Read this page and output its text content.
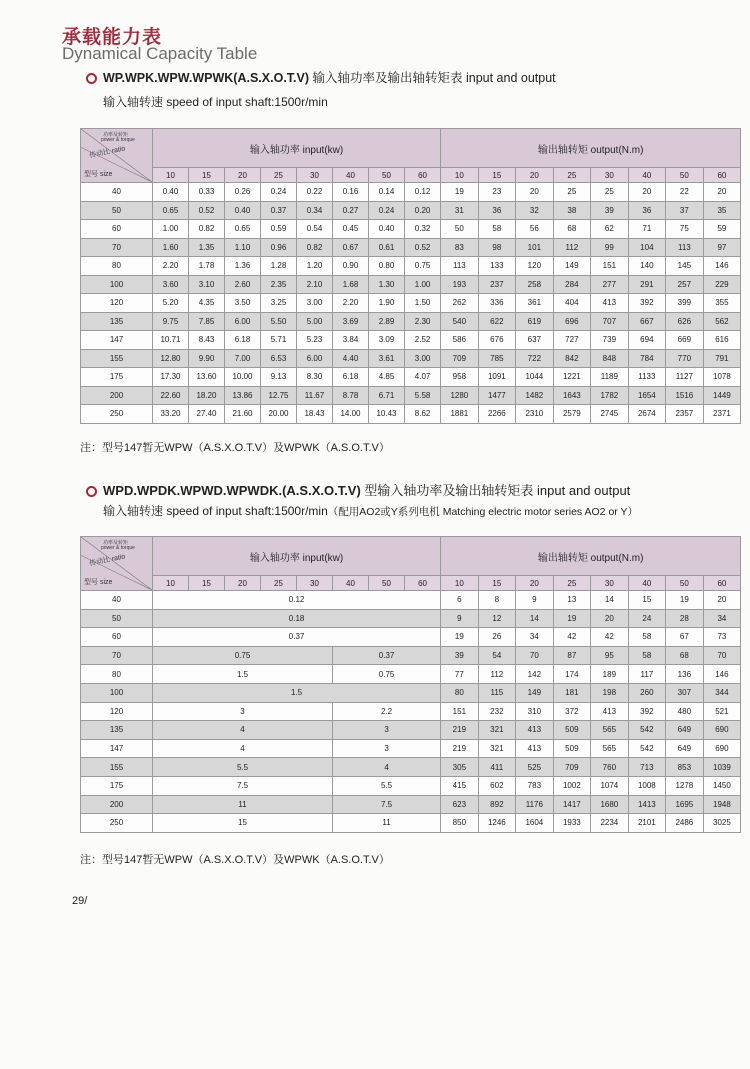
承载能力表
Dynamical Capacity Table
WP.WPK.WPW.WPWK(A.S.X.O.T.V) 输入轴功率及输出轴转矩表 input and output
输入轴转速 speed of input shaft:1500r/min
功率及转矩
power & torque
传动比 ratio
型号 size	输入轴功率 input(kw)								输出轴转矩 output(N.m)							
	10	15	20	25	30	40	50	60	10	15	20	25	30	40	50	60
40	0.40	0.33	0.26	0.24	0.22	0.16	0.14	0.12	19	23	20	25	25	20	22	20
50	0.65	0.52	0.40	0.37	0.34	0.27	0.24	0.20	31	36	32	38	39	36	37	35
60	1.00	0.82	0.65	0.59	0.54	0.45	0.40	0.32	50	58	56	68	62	71	75	59
70	1.60	1.35	1.10	0.96	0.82	0.67	0.61	0.52	83	98	101	112	99	104	113	97
80	2.20	1.78	1.36	1.28	1.20	0.90	0.80	0.75	113	133	120	149	151	140	145	146
100	3.60	3.10	2.60	2.35	2.10	1.68	1.30	1.00	193	237	258	284	277	291	257	229
120	5.20	4.35	3.50	3.25	3.00	2.20	1.90	1.50	262	336	361	404	413	392	399	355
135	9.75	7.85	6.00	5.50	5.00	3.69	2.89	2.30	540	622	619	696	707	667	626	562
147	10.71	8.43	6.18	5.71	5.23	3.84	3.09	2.52	586	676	637	727	739	694	669	616
155	12.80	9.90	7.00	6.53	6.00	4.40	3.61	3.00	709	785	722	842	848	784	770	791
175	17.30	13.60	10.00	9.13	8.30	6.18	4.85	4.07	958	1091	1044	1221	1189	1133	1127	1078
200	22.60	18.20	13.86	12.75	11.67	8.78	6.71	5.58	1280	1477	1482	1643	1782	1654	1516	1449
250	33.20	27.40	21.60	20.00	18.43	14.00	10.43	8.62	1881	2266	2310	2579	2745	2674	2357	2371
注：型号147暂无WPW（A.S.X.O.T.V）及WPWK（A.S.O.T.V）
WPD.WPDK.WPWD.WPWDK.(A.S.X.O.T.V) 型输入轴功率及输出轴转矩表 input and output
输入轴转速 speed of input shaft:1500r/min（配用AO2或Y系列电机 Matching electric motor series AO2 or Y）
功率及转矩
power & torque
传动比 ratio
型号 size	输入轴功率 input(kw)								输出轴转矩 output(N.m)							
	10	15	20	25	30	40	50	60	10	15	20	25	30	40	50	60
40	0.12								6	8	9	13	14	15	19	20
50	0.18								9	12	14	19	20	24	28	34
60	0.37								19	26	34	42	42	58	67	73
70	0.75					0.37			39	54	70	87	95	58	68	70
80	1.5					0.75			77	112	142	174	189	117	136	146
100	1.5								80	115	149	181	198	260	307	344
120	3					2.2			151	232	310	372	413	392	480	521
135	4					3			219	321	413	509	565	542	649	690
147	4					3			219	321	413	509	565	542	649	690
155	5.5					4			305	411	525	709	760	713	853	1039
175	7.5					5.5			415	602	783	1002	1074	1008	1278	1450
200	11					7.5			623	892	1176	1417	1680	1413	1695	1948
250	15					11			850	1246	1604	1933	2234	2101	2486	3025
注：型号147暂无WPW（A.S.X.O.T.V）及WPWK（A.S.O.T.V）
29/
